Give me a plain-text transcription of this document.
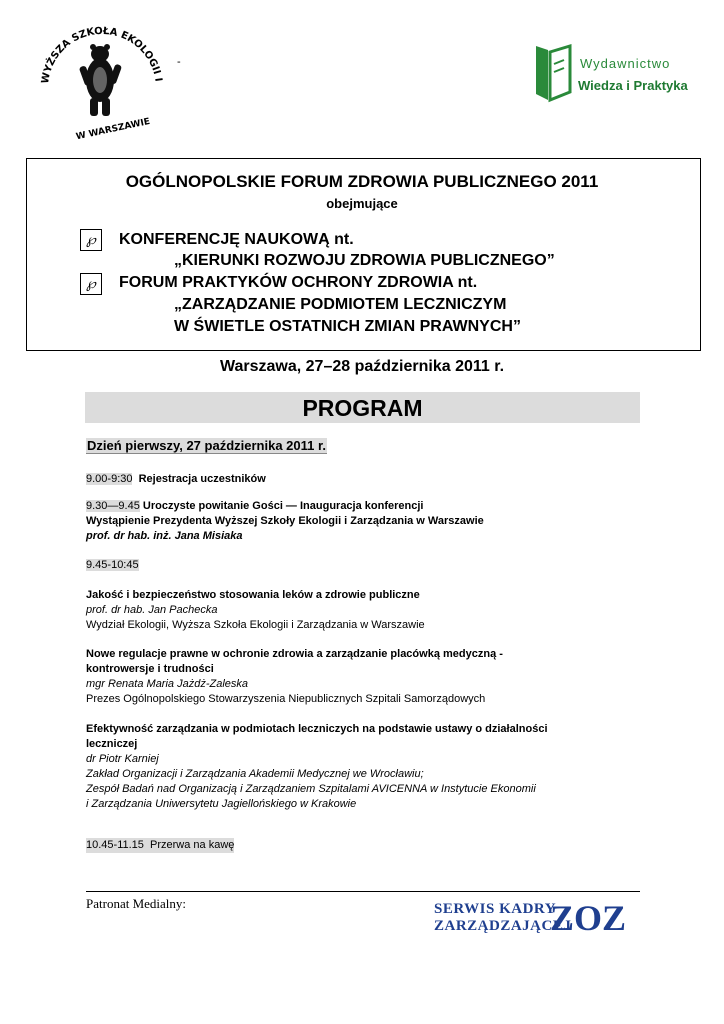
WYŻSZA SZKOŁA EKOLOGII I
W WARSZAWIE
-	Wydawnictwo
Wiedza i Praktyka
OGÓLNOPOLSKIE FORUM ZDROWIA PUBLICZNEGO 2011
obejmujące
℘
℘
KONFERENCJĘ NAUKOWĄ nt.
„KIERUNKI ROZWOJU ZDROWIA PUBLICZNEGO”
FORUM PRAKTYKÓW OCHRONY ZDROWIA nt.
„ZARZĄDZANIE PODMIOTEM LECZNICZYM
W ŚWIETLE OSTATNICH ZMIAN PRAWNYCH”
Warszawa, 27–28 października 2011 r.
PROGRAM
Dzień pierwszy, 27 października 2011 r.
9.00-9:30 Rejestracja uczestników
9.30—9.45 Uroczyste powitanie Gości — Inauguracja konferencji
Wystąpienie Prezydenta Wyższej Szkoły Ekologii i Zarządzania w Warszawie
prof. dr hab. inż. Jana Misiaka
9.45-10:45
Jakość i bezpieczeństwo stosowania leków a zdrowie publiczne
prof. dr hab. Jan Pachecka
Wydział Ekologii, Wyższa Szkoła Ekologii i Zarządzania w Warszawie
Nowe regulacje prawne w ochronie zdrowia a zarządzanie placówką medyczną -
kontrowersje i trudności
mgr Renata Maria Jażdż-Zaleska
Prezes Ogólnopolskiego Stowarzyszenia Niepublicznych Szpitali Samorządowych
Efektywność zarządzania w podmiotach leczniczych na podstawie ustawy o działalności
leczniczej
dr Piotr Karniej
Zakład Organizacji i Zarządzania Akademii Medycznej we Wrocławiu;
Zespół Badań nad Organizacją i Zarządzaniem Szpitalami AVICENNA w Instytucie Ekonomii
i Zarządzania Uniwersytetu Jagiellońskiego w Krakowie
10.45-11.15 Przerwa na kawę
Patronat Medialny:	SERWIS KADRY
ZARZĄDZAJĄCEJ
ZOZ
